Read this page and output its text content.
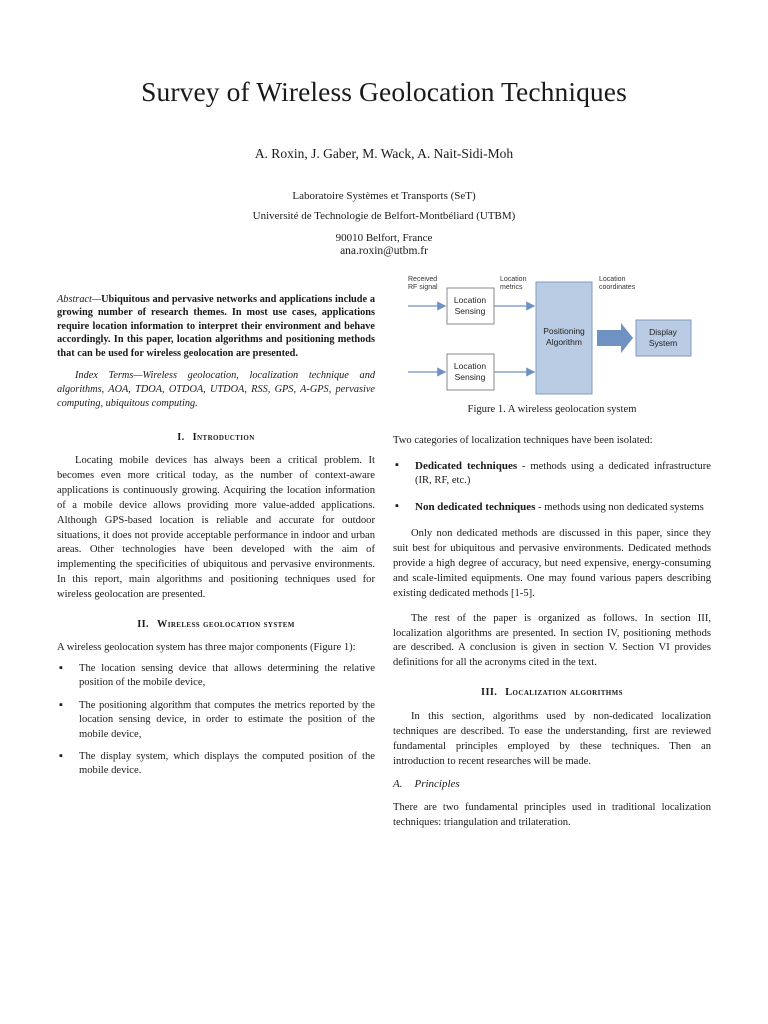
Survey of Wireless Geolocation Techniques
A. Roxin, J. Gaber, M. Wack, A. Nait-Sidi-Moh
Laboratoire Systèmes et Transports (SeT)
Université de Technologie de Belfort-Montbéliard (UTBM)
90010 Belfort, France
ana.roxin@utbm.fr

Abstract—Ubiquitous and pervasive networks and applications include a growing number of research themes. In most use cases, applications require location information to interpret their environment and behave accordingly. In this paper, location algorithms and positioning methods that can be used for wireless geolocation are presented.

Index Terms—Wireless geolocation, localization technique and algorithms, AOA, TDOA, OTDOA, UTDOA, RSS, GPS, A-GPS, pervasive computing, ubiquitous computing.

I. Introduction

Locating mobile devices has always been a critical problem. It becomes even more critical today, as the number of context-aware applications is continuously growing. Acquiring the location information of a mobile device allows providing more value-added applications. Although GPS-based location is reliable and accurate for outdoor situations, it does not provide acceptable performance in indoor and urban areas. Other technologies have been developed with the aim of implementing the specificities of ubiquitous and pervasive environments. In this report, main algorithms and positioning techniques used for wireless geolocation are presented.

II. Wireless geolocation system

A wireless geolocation system has three major components (Figure 1):

▪ The location sensing device that allows determining the relative position of the mobile device,
▪ The positioning algorithm that computes the metrics reported by the location sensing device, in order to estimate the position of the mobile device,
▪ The display system, which displays the computed position of the mobile device.
Received RF signal
Location metrics
Location coordinates
Location Sensing
Location Sensing
Positioning Algorithm
Display System
Figure 1. A wireless geolocation system

Two categories of localization techniques have been isolated:

▪ Dedicated techniques - methods using a dedicated infrastructure (IR, RF, etc.)
▪ Non dedicated techniques - methods using non dedicated systems

Only non dedicated methods are discussed in this paper, since they suit best for ubiquitous and pervasive environments. Dedicated methods provide a high degree of accuracy, but need expensive, energy-consuming and scale-limited equipments. One may found various papers describing existing dedicated methods [1-5].

The rest of the paper is organized as follows. In section III, localization algorithms are presented. In section IV, positioning methods are described. A conclusion is given in section V. Section VI provides definitions for all the acronyms cited in the text.

III. Localization algorithms

In this section, algorithms used by non-dedicated localization techniques are described. To ease the understanding, first are reviewed fundamental principles employed by these techniques. Then an introduction to recent researches will be made.

A. Principles

There are two fundamental principles used in traditional localization techniques: triangulation and trilateration.
